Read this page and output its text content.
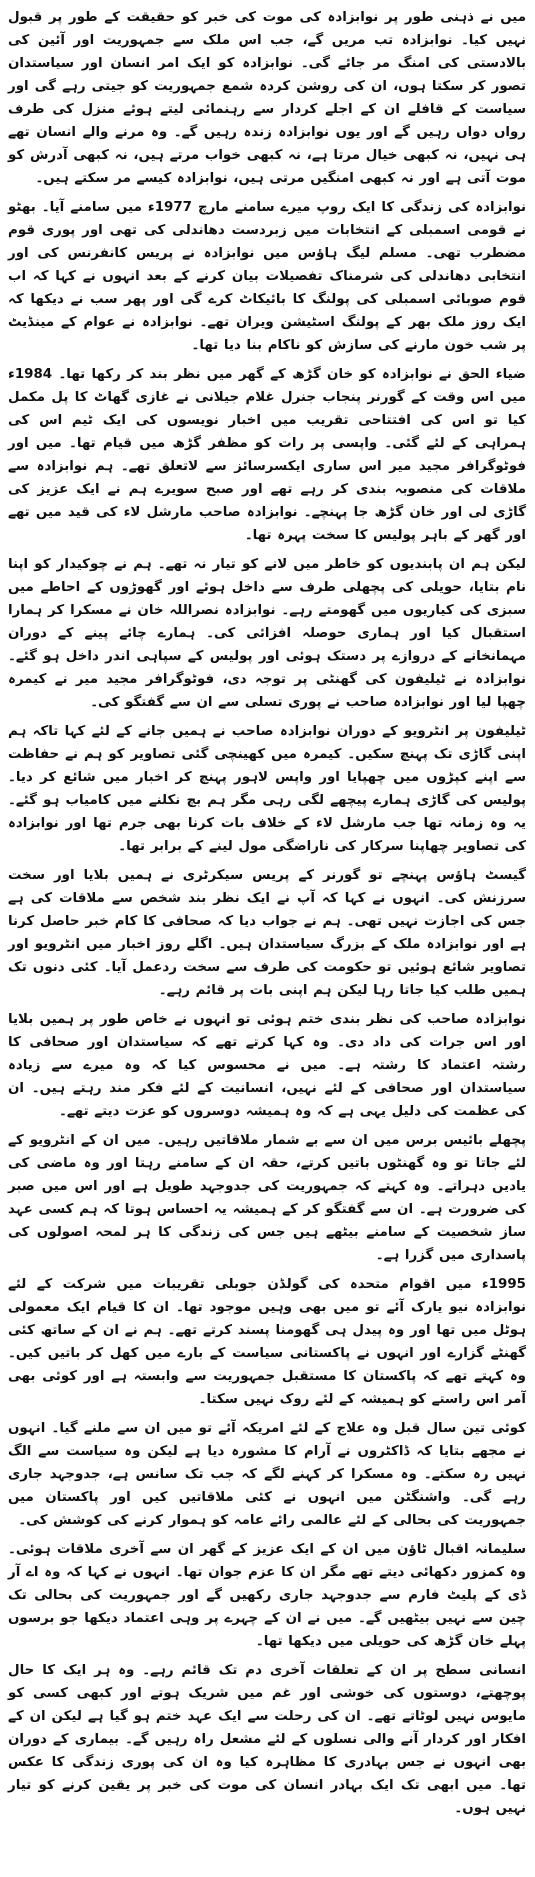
میں نے ذہنی طور پر نوابزادہ کی موت کی خبر کو حقیقت کے طور پر قبول نہیں کیا۔ نوابزادہ تب مریں گے، جب اس ملک سے جمہوریت اور آئین کی بالادستی کی امنگ مر جائے گی۔ نوابزادہ کو ایک امر انسان اور سیاستدان تصور کر سکتا ہوں، ان کی روشن کردہ شمع جمہوریت کو جیتی رہے گی اور سیاست کے قافلے ان کے اجلے کردار سے رہنمائی لیتے ہوئے منزل کی طرف رواں دواں رہیں گے اور یوں نوابزادہ زندہ رہیں گے۔ وہ مرنے والے انسان تھے ہی نہیں، نہ کبھی خیال مرتا ہے، نہ کبھی خواب مرتے ہیں، نہ کبھی آدرش کو موت آتی ہے اور نہ کبھی امنگیں مرتی ہیں، نوابزادہ کیسے مر سکتے ہیں۔

نوابزادہ کی زندگی کا ایک روپ میرے سامنے مارچ 1977ء میں سامنے آیا۔ بھٹو نے قومی اسمبلی کے انتخابات میں زبردست دھاندلی کی تھی اور پوری قوم مضطرب تھی۔ مسلم لیگ ہاؤس میں نوابزادہ نے پریس کانفرنس کی اور انتخابی دھاندلی کی شرمناک تفصیلات بیان کرنے کے بعد انہوں نے کہا کہ اب قوم صوبائی اسمبلی کی پولنگ کا بائیکاٹ کرے گی اور پھر سب نے دیکھا کہ ایک روز ملک بھر کے پولنگ اسٹیشن ویران تھے۔ نوابزادہ نے عوام کے مینڈیٹ پر شب خون مارنے کی سازش کو ناکام بنا دیا تھا۔

ضیاء الحق نے نوابزادہ کو خان گڑھ کے گھر میں نظر بند کر رکھا تھا۔ 1984ء میں اس وقت کے گورنر پنجاب جنرل غلام جیلانی نے غازی گھاٹ کا پل مکمل کیا تو اس کی افتتاحی تقریب میں اخبار نویسوں کی ایک ٹیم اس کی ہمراہی کے لئے گئی۔ واپسی پر رات کو مظفر گڑھ میں قیام تھا۔ میں اور فوٹوگرافر مجید میر اس ساری ایکسرسائز سے لاتعلق تھے۔ ہم نوابزادہ سے ملاقات کی منصوبہ بندی کر رہے تھے اور صبح سویرے ہم نے ایک عزیز کی گاڑی لی اور خان گڑھ جا پہنچے۔ نوابزادہ صاحب مارشل لاء کی قید میں تھے اور گھر کے باہر پولیس کا سخت پہرہ تھا۔

لیکن ہم ان پابندیوں کو خاطر میں لانے کو تیار نہ تھے۔ ہم نے چوکیدار کو اپنا نام بتایا، حویلی کی پچھلی طرف سے داخل ہوئے اور گھوڑوں کے احاطے میں سبزی کی کیاریوں میں گھومتے رہے۔ نوابزادہ نصراللہ خان نے مسکرا کر ہمارا استقبال کیا اور ہماری حوصلہ افزائی کی۔ ہمارے چائے پینے کے دوران مہمانخانے کے دروازے پر دستک ہوئی اور پولیس کے سپاہی اندر داخل ہو گئے۔ نوابزادہ نے ٹیلیفون کی گھنٹی پر توجہ دی، فوٹوگرافر مجید میر نے کیمرہ چھپا لیا اور نوابزادہ صاحب نے پوری تسلی سے ان سے گفتگو کی۔

ٹیلیفون پر انٹرویو کے دوران نوابزادہ صاحب نے ہمیں جانے کے لئے کہا تاکہ ہم اپنی گاڑی تک پہنچ سکیں۔ کیمرہ میں کھینچی گئی تصاویر کو ہم نے حفاظت سے اپنے کپڑوں میں چھپایا اور واپس لاہور پہنچ کر اخبار میں شائع کر دیا۔ پولیس کی گاڑی ہمارے پیچھے لگی رہی مگر ہم بچ نکلنے میں کامیاب ہو گئے۔ یہ وہ زمانہ تھا جب مارشل لاء کے خلاف بات کرنا بھی جرم تھا اور نوابزادہ کی تصاویر چھاپنا سرکار کی ناراضگی مول لینے کے برابر تھا۔

گیسٹ ہاؤس پہنچے تو گورنر کے پریس سیکرٹری نے ہمیں بلایا اور سخت سرزنش کی۔ انہوں نے کہا کہ آپ نے ایک نظر بند شخص سے ملاقات کی ہے جس کی اجازت نہیں تھی۔ ہم نے جواب دیا کہ صحافی کا کام خبر حاصل کرنا ہے اور نوابزادہ ملک کے بزرگ سیاستدان ہیں۔ اگلے روز اخبار میں انٹرویو اور تصاویر شائع ہوئیں تو حکومت کی طرف سے سخت ردعمل آیا۔ کئی دنوں تک ہمیں طلب کیا جاتا رہا لیکن ہم اپنی بات پر قائم رہے۔

نوابزادہ صاحب کی نظر بندی ختم ہوئی تو انہوں نے خاص طور پر ہمیں بلایا اور اس جرات کی داد دی۔ وہ کہا کرتے تھے کہ سیاستدان اور صحافی کا رشتہ اعتماد کا رشتہ ہے۔ میں نے محسوس کیا کہ وہ میرے سے زیادہ سیاستدان اور صحافی کے لئے نہیں، انسانیت کے لئے فکر مند رہتے ہیں۔ ان کی عظمت کی دلیل یہی ہے کہ وہ ہمیشہ دوسروں کو عزت دیتے تھے۔

پچھلے بائیس برس میں ان سے بے شمار ملاقاتیں رہیں۔ میں ان کے انٹرویو کے لئے جاتا تو وہ گھنٹوں باتیں کرتے، حقہ ان کے سامنے رہتا اور وہ ماضی کی یادیں دہراتے۔ وہ کہتے کہ جمہوریت کی جدوجہد طویل ہے اور اس میں صبر کی ضرورت ہے۔ ان سے گفتگو کر کے ہمیشہ یہ احساس ہوتا کہ ہم کسی عہد ساز شخصیت کے سامنے بیٹھے ہیں جس کی زندگی کا ہر لمحہ اصولوں کی پاسداری میں گزرا ہے۔

1995ء میں اقوام متحدہ کی گولڈن جوبلی تقریبات میں شرکت کے لئے نوابزادہ نیو یارک آئے تو میں بھی وہیں موجود تھا۔ ان کا قیام ایک معمولی ہوٹل میں تھا اور وہ پیدل ہی گھومنا پسند کرتے تھے۔ ہم نے ان کے ساتھ کئی گھنٹے گزارے اور انہوں نے پاکستانی سیاست کے بارے میں کھل کر باتیں کیں۔ وہ کہتے تھے کہ پاکستان کا مستقبل جمہوریت سے وابستہ ہے اور کوئی بھی آمر اس راستے کو ہمیشہ کے لئے روک نہیں سکتا۔

کوئی تین سال قبل وہ علاج کے لئے امریکہ آئے تو میں ان سے ملنے گیا۔ انہوں نے مجھے بتایا کہ ڈاکٹروں نے آرام کا مشورہ دیا ہے لیکن وہ سیاست سے الگ نہیں رہ سکتے۔ وہ مسکرا کر کہنے لگے کہ جب تک سانس ہے، جدوجہد جاری رہے گی۔ واشنگٹن میں انہوں نے کئی ملاقاتیں کیں اور پاکستان میں جمہوریت کی بحالی کے لئے عالمی رائے عامہ کو ہموار کرنے کی کوشش کی۔

سلیمانہ اقبال ٹاؤن میں ان کے ایک عزیز کے گھر ان سے آخری ملاقات ہوئی۔ وہ کمزور دکھائی دیتے تھے مگر ان کا عزم جوان تھا۔ انہوں نے کہا کہ وہ اے آر ڈی کے پلیٹ فارم سے جدوجہد جاری رکھیں گے اور جمہوریت کی بحالی تک چین سے نہیں بیٹھیں گے۔ میں نے ان کے چہرے پر وہی اعتماد دیکھا جو برسوں پہلے خان گڑھ کی حویلی میں دیکھا تھا۔

انسانی سطح پر ان کے تعلقات آخری دم تک قائم رہے۔ وہ ہر ایک کا حال پوچھتے، دوستوں کی خوشی اور غم میں شریک ہوتے اور کبھی کسی کو مایوس نہیں لوٹاتے تھے۔ ان کی رحلت سے ایک عہد ختم ہو گیا ہے لیکن ان کے افکار اور کردار آنے والی نسلوں کے لئے مشعل راہ رہیں گے۔ بیماری کے دوران بھی انہوں نے جس بہادری کا مظاہرہ کیا وہ ان کی پوری زندگی کا عکس تھا۔ میں ابھی تک ایک بہادر انسان کی موت کی خبر پر یقین کرنے کو تیار نہیں ہوں۔
